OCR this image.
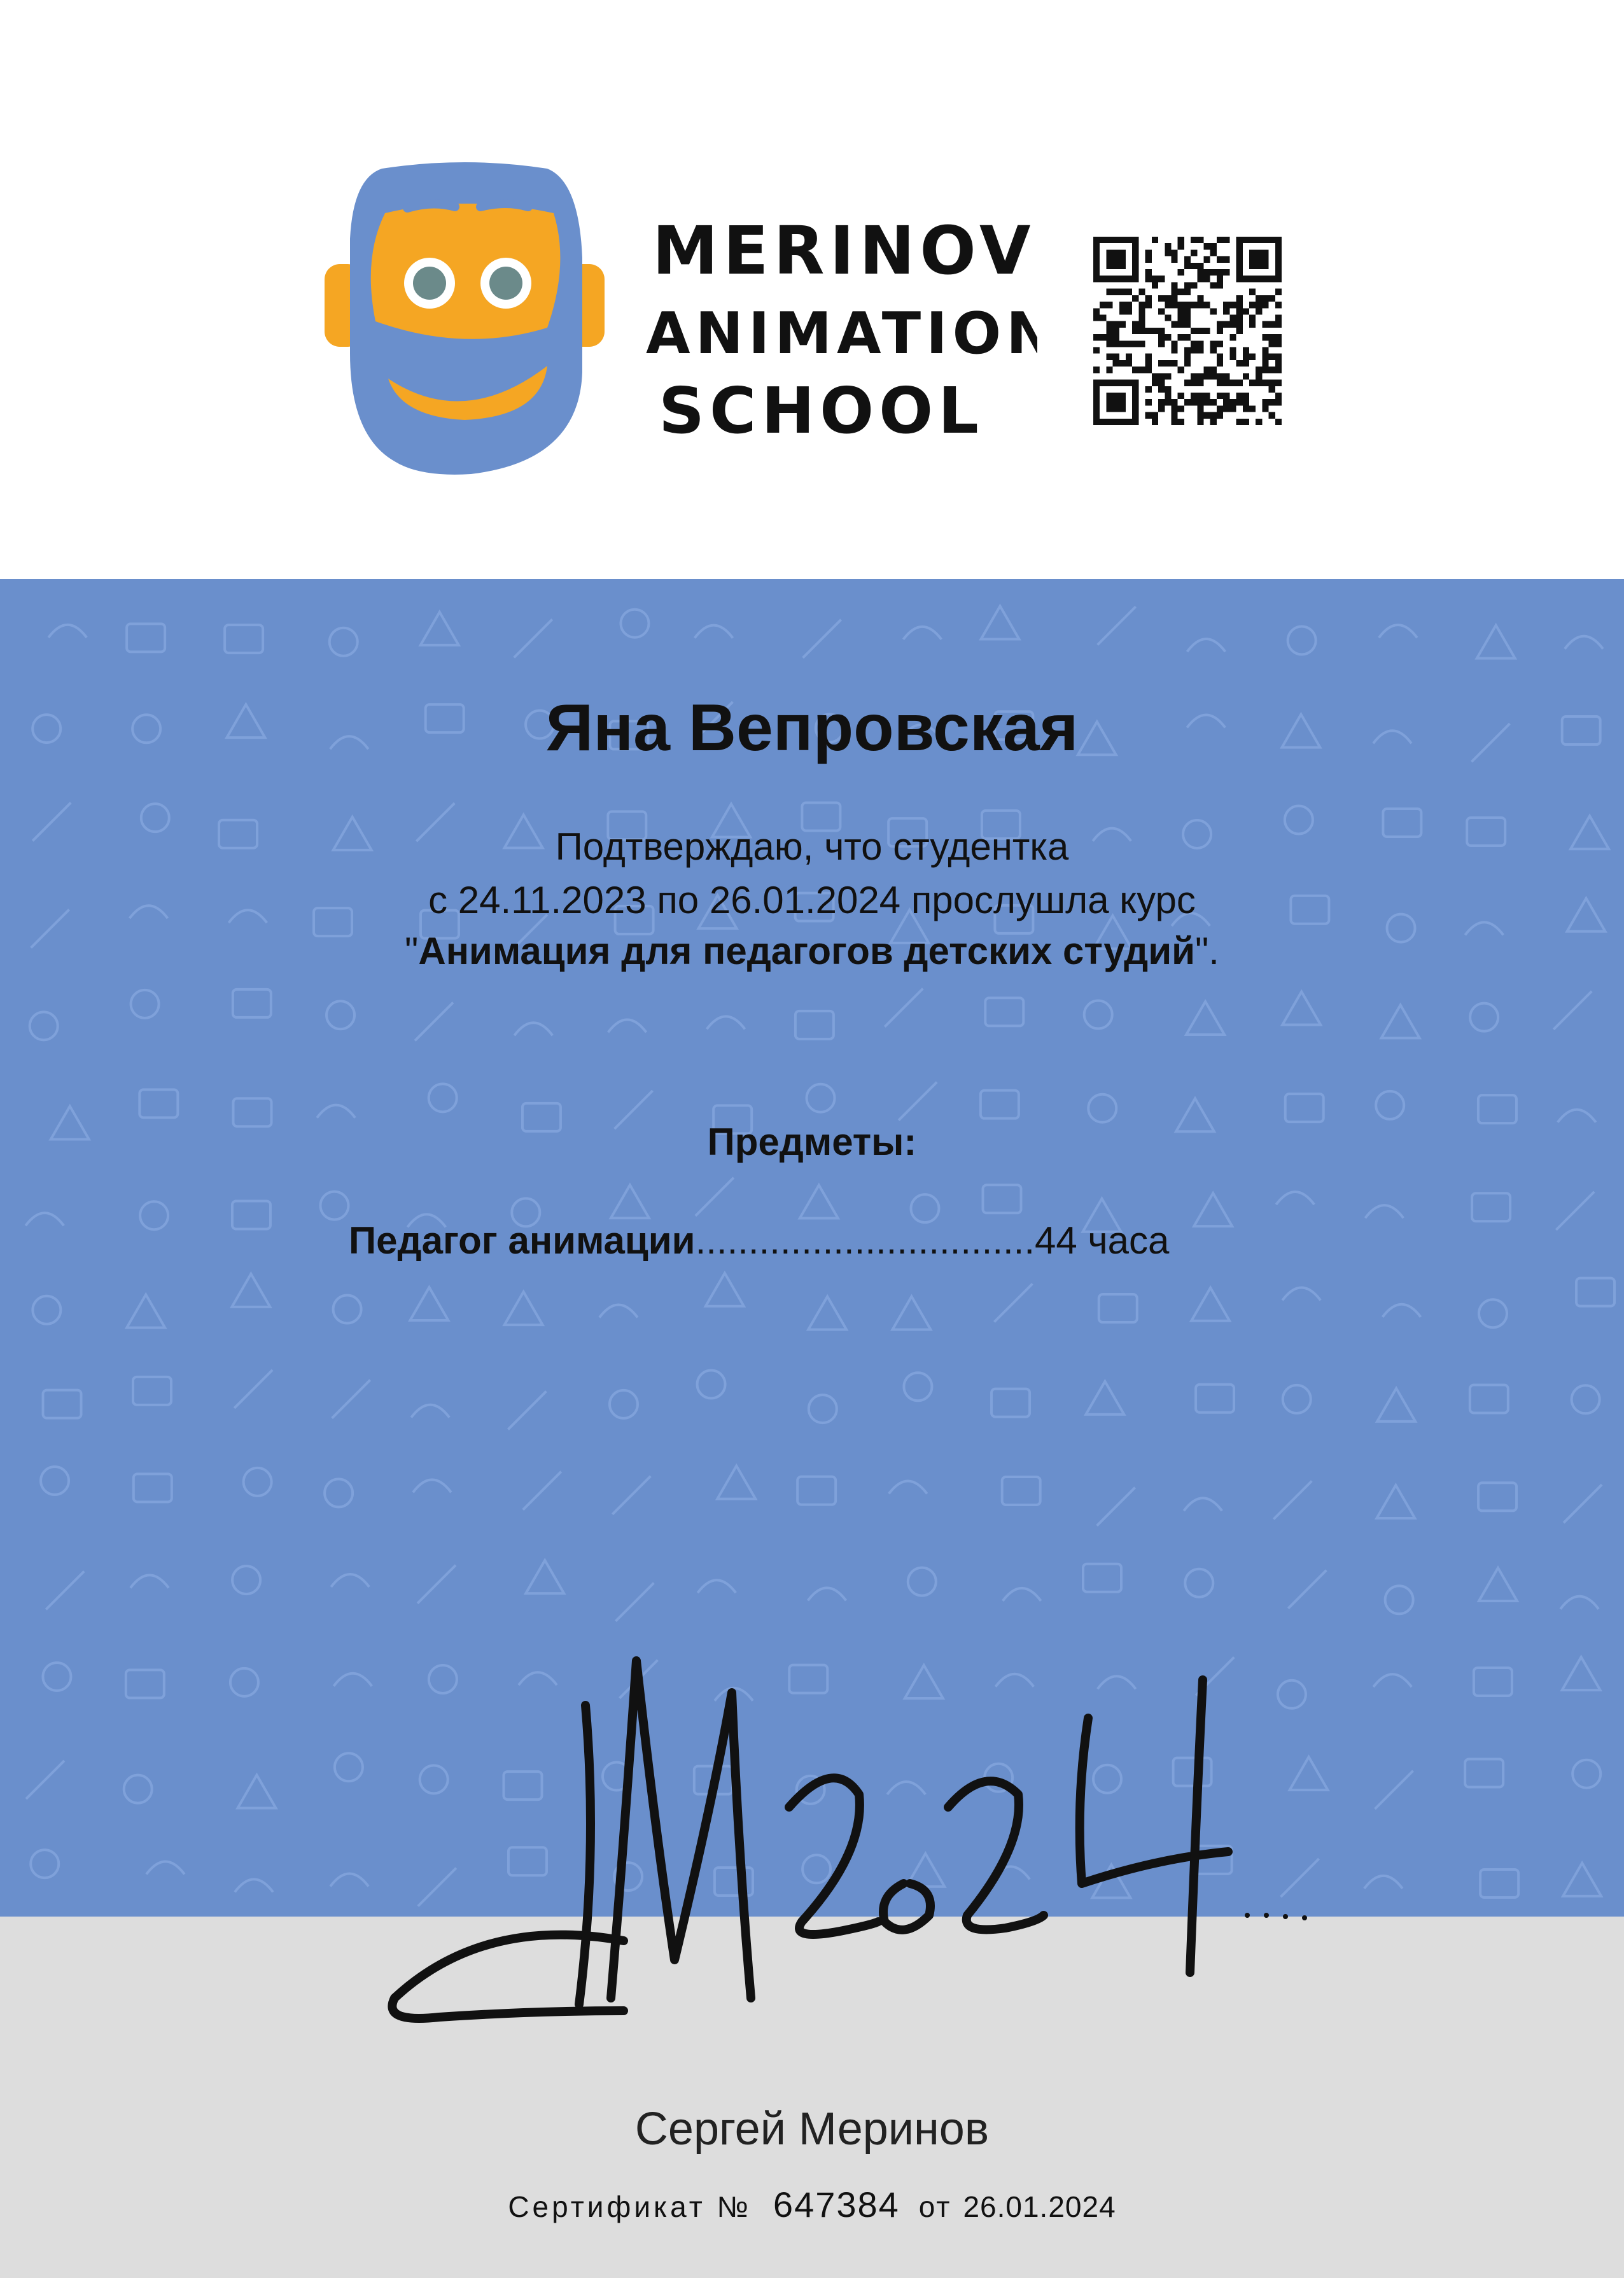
MERINOV
ANIMATION
SCHOOL
Яна Вепровская
Подтверждаю, что студентка
с 24.11.2023 по 26.01.2024 прослушла курс
"Анимация для педагогов детских студий".
Предметы:
Педагог анимации................................44 часа
М2024...
Сергей Меринов
Сертификат № 647384 от 26.01.2024
